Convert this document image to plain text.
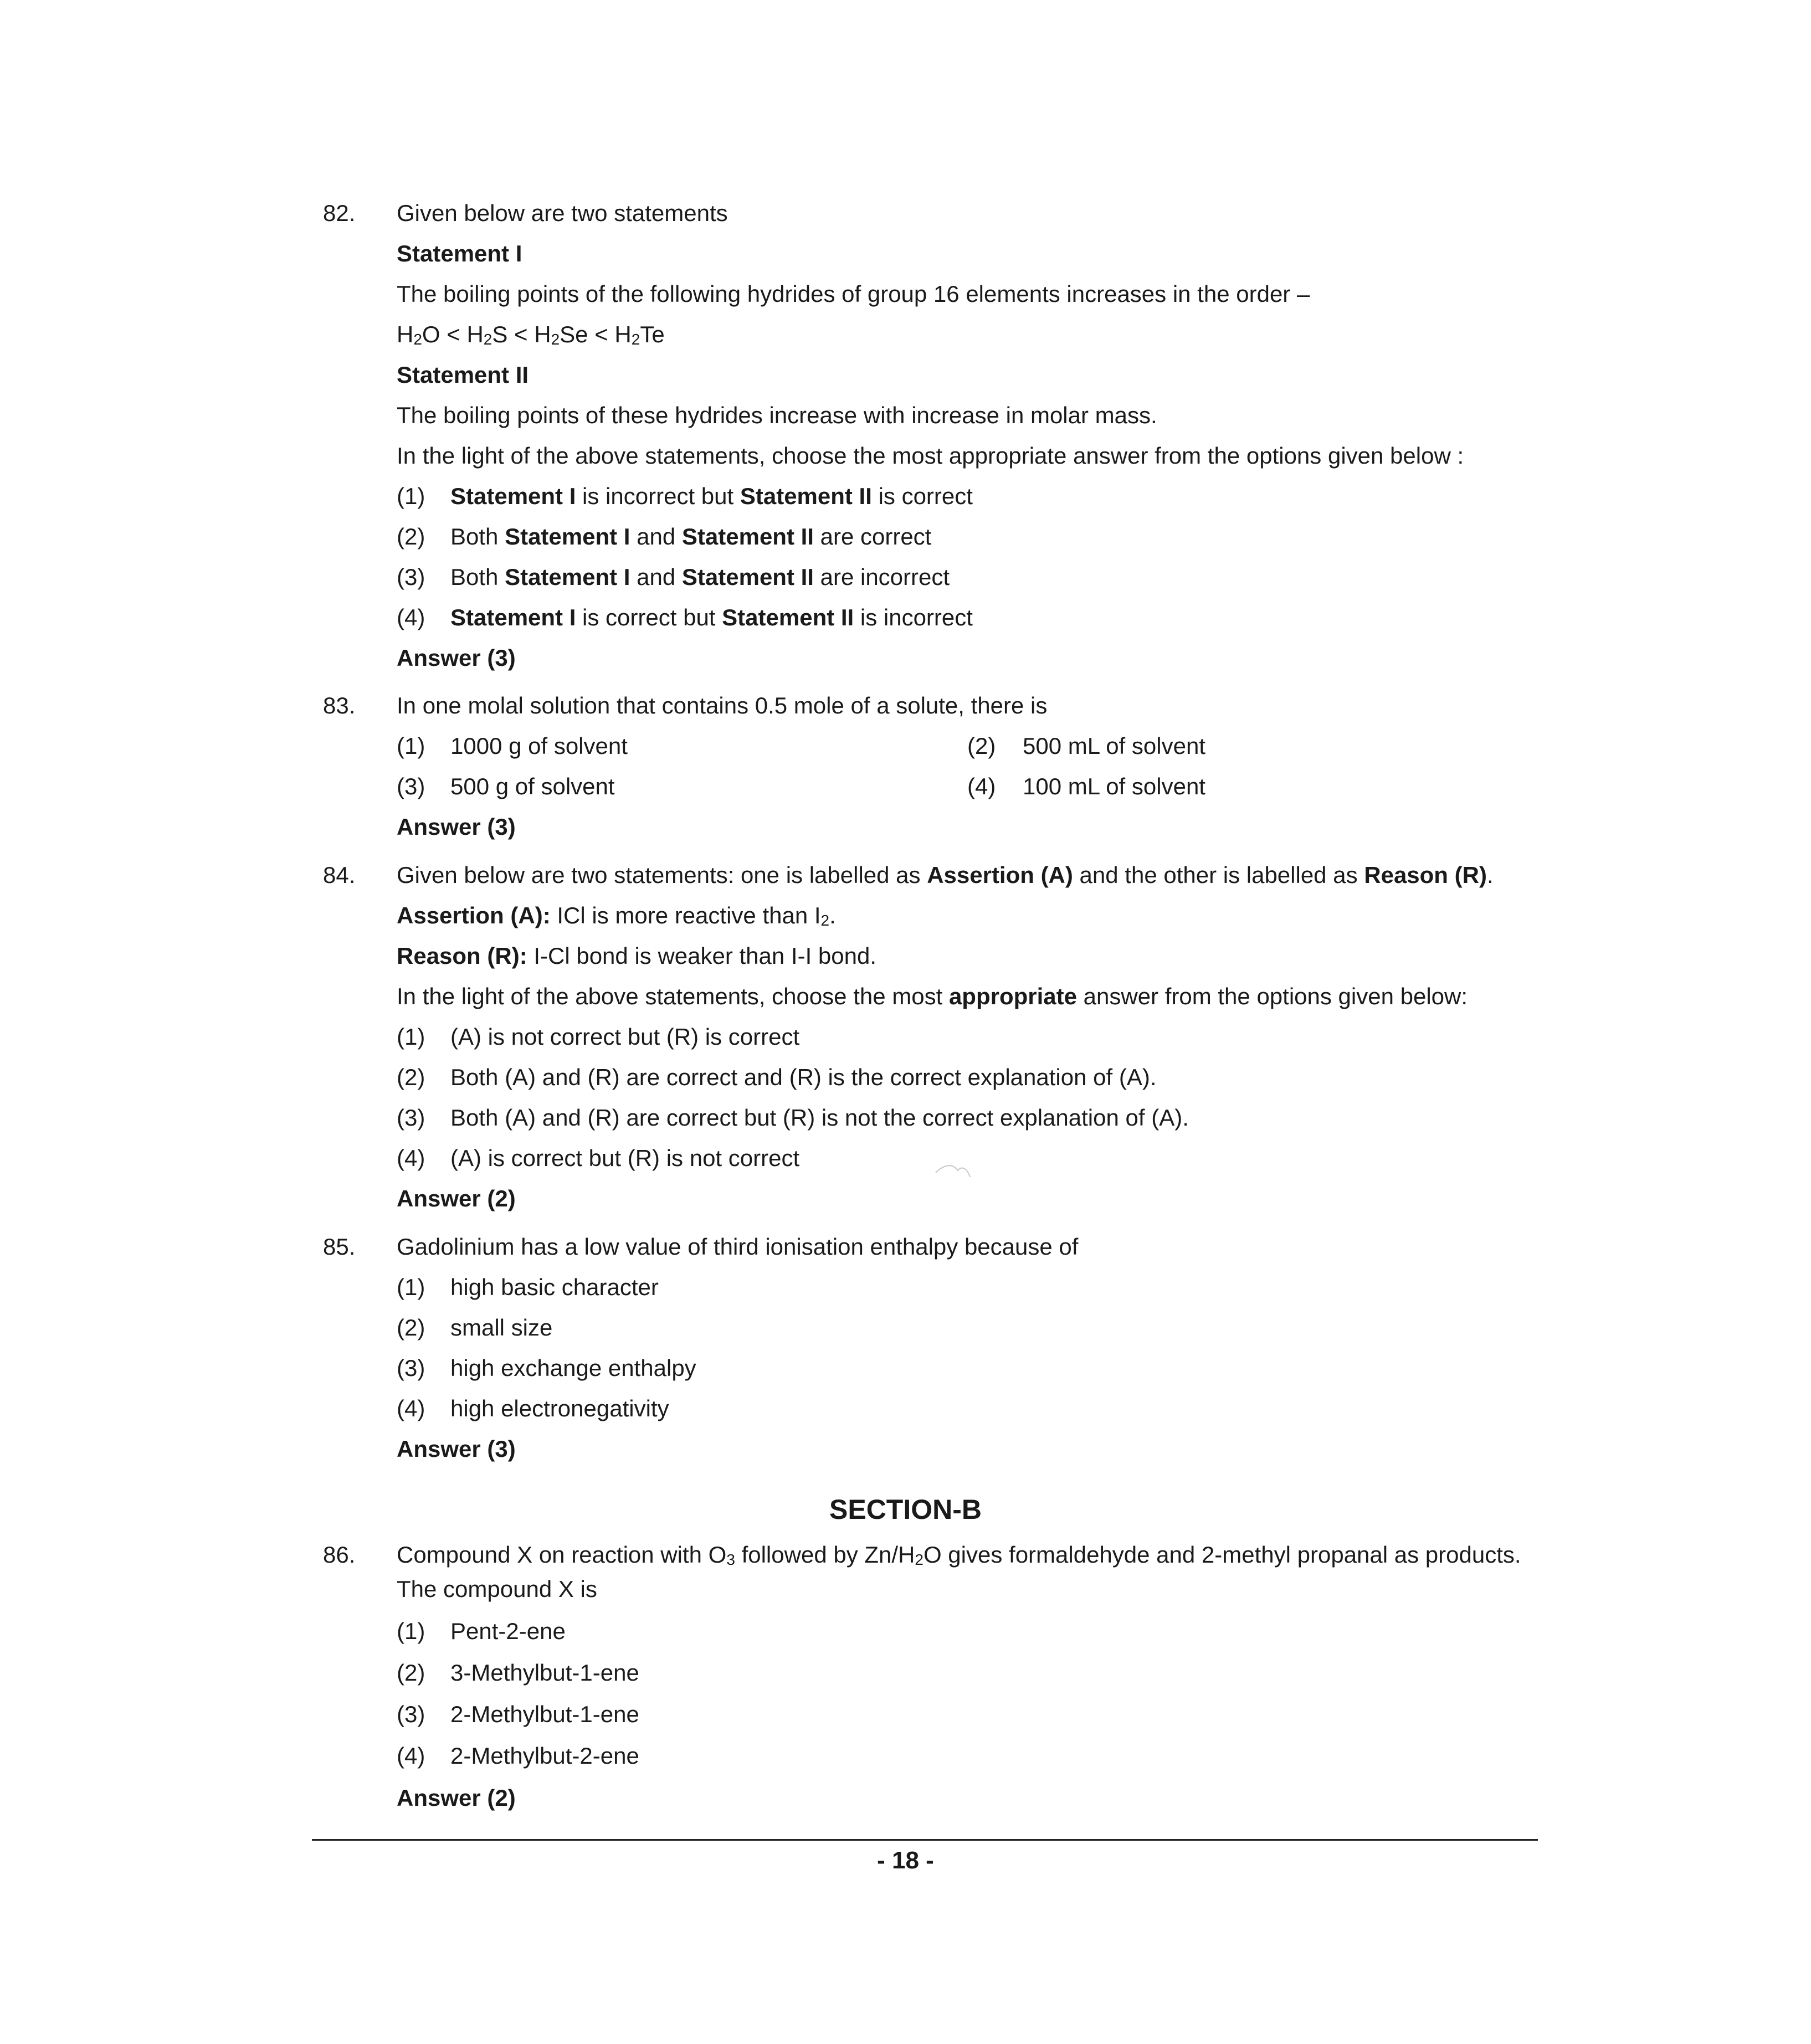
82. Given below are two statements
Statement I
The boiling points of the following hydrides of group 16 elements increases in the order –
$H_2O < H_2S < H_2Se < H_2Te$
Statement II
The boiling points of these hydrides increase with increase in molar mass.
In the light of the above statements, choose the most appropriate answer from the options given below :
(1) Statement I is incorrect but Statement II is correct
(2) Both Statement I and Statement II are correct
(3) Both Statement I and Statement II are incorrect
(4) Statement I is correct but Statement II is incorrect
Answer (3)
83. In one molal solution that contains 0.5 mole of a solute, there is
(1) 1000 g of solvent	(2) 500 mL of solvent
(3) 500 g of solvent	(4) 100 mL of solvent
Answer (3)
84. Given below are two statements: one is labelled as Assertion (A) and the other is labelled as Reason (R).
Assertion (A): ICl is more reactive than $I_2$.
Reason (R): I-Cl bond is weaker than I-I bond.
In the light of the above statements, choose the most appropriate answer from the options given below:
(1) (A) is not correct but (R) is correct
(2) Both (A) and (R) are correct and (R) is the correct explanation of (A).
(3) Both (A) and (R) are correct but (R) is not the correct explanation of (A).
(4) (A) is correct but (R) is not correct
Answer (2)
85. Gadolinium has a low value of third ionisation enthalpy because of
(1) high basic character
(2) small size
(3) high exchange enthalpy
(4) high electronegativity
Answer (3)
SECTION-B
86. Compound X on reaction with $O_3$ followed by $Zn/H_2O$ gives formaldehyde and 2-methyl propanal as products.
The compound X is
(1) Pent-2-ene
(2) 3-Methylbut-1-ene
(3) 2-Methylbut-1-ene
(4) 2-Methylbut-2-ene
Answer (2)
- 18 -
